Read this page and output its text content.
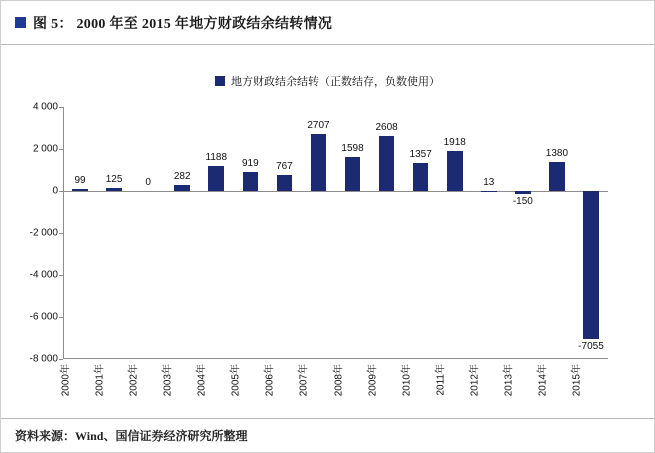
图 5： 2000 年至 2015 年地方财政结余结转情况
地方财政结余结转（正数结存，负数使用）
4 000
2 000
0
-2 000
-4 000
-6 000
-8 000
99 125 0
282
1188
919 767
2707
1598
2608
1357
1918
13
-150
1380
-7055
2000年	2001年	2002年	2003年	2004年	2005年	2006年	2007年	2008年	2009年	2010年	2011年	2012年	2013年	2014年	2015年
资料来源：Wind、国信证券经济研究所整理
